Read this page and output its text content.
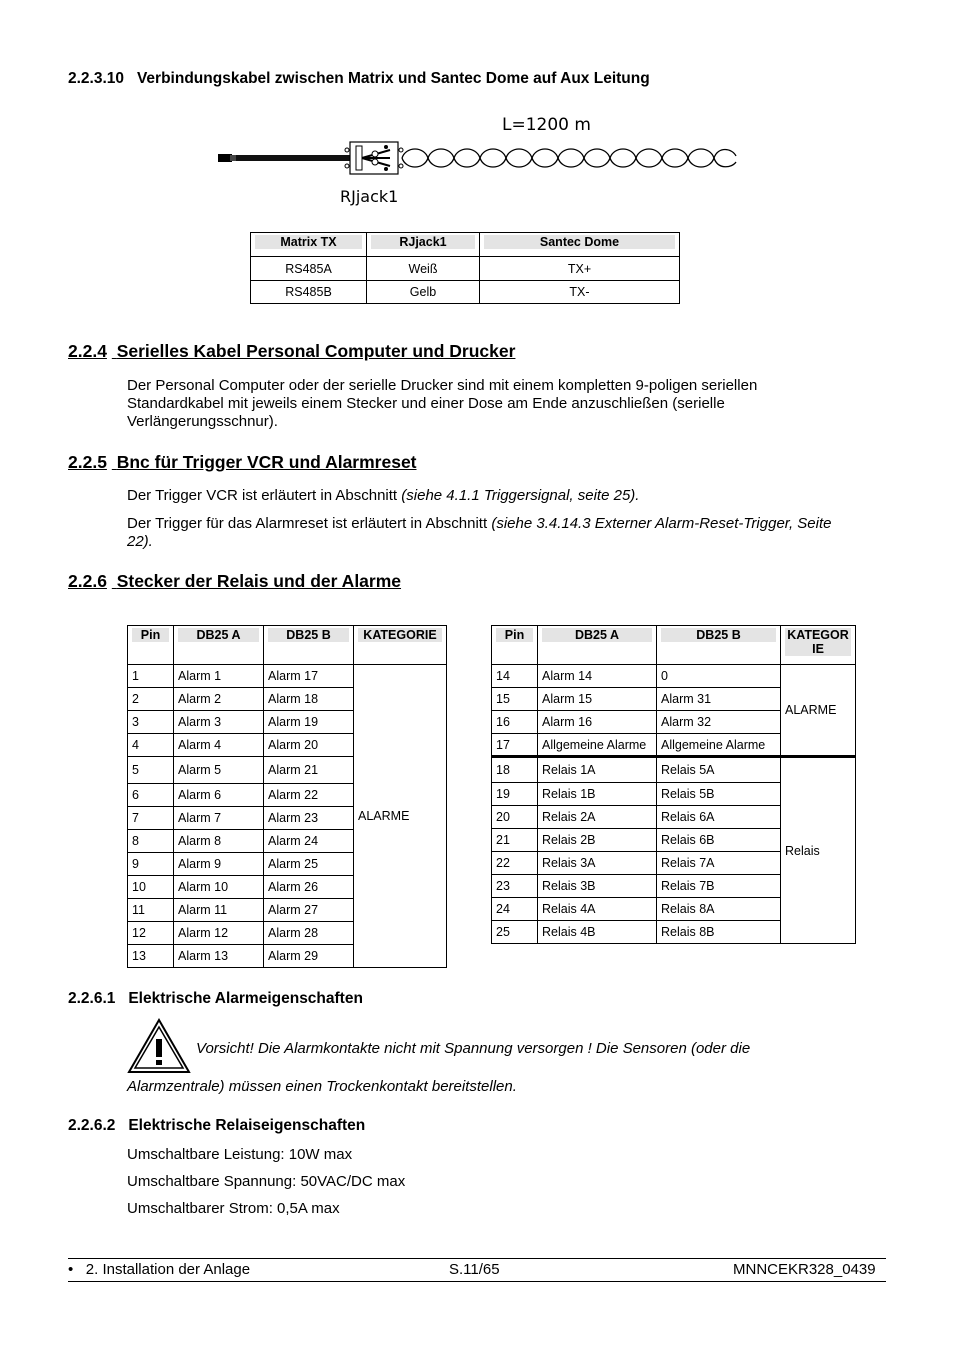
2.2.3.10 Verbindungskabel zwischen Matrix und Santec Dome auf Aux Leitung
L=1200 m
RJjack1
Matrix TX	RJjack1	Santec Dome

RS485A	Weiß	TX+
RS485B	Gelb	TX-
2.2.4 Serielles Kabel Personal Computer und Drucker
Der Personal Computer oder der serielle Drucker sind mit einem kompletten 9-poligen seriellen Standardkabel mit jeweils einem Stecker und einer Dose am Ende anzuschließen (serielle Verlängerungsschnur).
2.2.5 Bnc für Trigger VCR und Alarmreset
Der Trigger VCR ist erläutert in Abschnitt (siehe 4.1.1 Triggersignal, seite 25).
Der Trigger für das Alarmreset ist erläutert in Abschnitt (siehe 3.4.14.3 Externer Alarm-Reset-Trigger, Seite 22).
2.2.6 Stecker der Relais und der Alarme
Pin	DB25 A	DB25 B	KATEGORIE

1	Alarm 1	Alarm 17	ALARME
2	Alarm 2	Alarm 18	
3	Alarm 3	Alarm 19	
4	Alarm 4	Alarm 20	
5	Alarm 5	Alarm 21	
6	Alarm 6	Alarm 22	
7	Alarm 7	Alarm 23	
8	Alarm 8	Alarm 24	
9	Alarm 9	Alarm 25	
10	Alarm 10	Alarm 26	
11	Alarm 11	Alarm 27	
12	Alarm 12	Alarm 28	
13	Alarm 13	Alarm 29	
Pin	DB25 A	DB25 B	KATEGOR IE

14	Alarm 14	0	ALARME
15	Alarm 15	Alarm 31	
16	Alarm 16	Alarm 32	
17	Allgemeine Alarme	Allgemeine Alarme	
18	Relais 1A	Relais 5A	Relais
19	Relais 1B	Relais 5B	
20	Relais 2A	Relais 6A	
21	Relais 2B	Relais 6B	
22	Relais 3A	Relais 7A	
23	Relais 3B	Relais 7B	
24	Relais 4A	Relais 8A	
25	Relais 4B	Relais 8B	
2.2.6.1 Elektrische Alarmeigenschaften
Vorsicht! Die Alarmkontakte nicht mit Spannung versorgen ! Die Sensoren (oder die
Alarmzentrale) müssen einen Trockenkontakt bereitstellen.
2.2.6.2 Elektrische Relaiseigenschaften
Umschaltbare Leistung: 10W max
Umschaltbare Spannung: 50VAC/DC max
Umschaltbarer Strom: 0,5A max
• 2. Installation der Anlage	S.11/65	MNNCEKR328_0439
